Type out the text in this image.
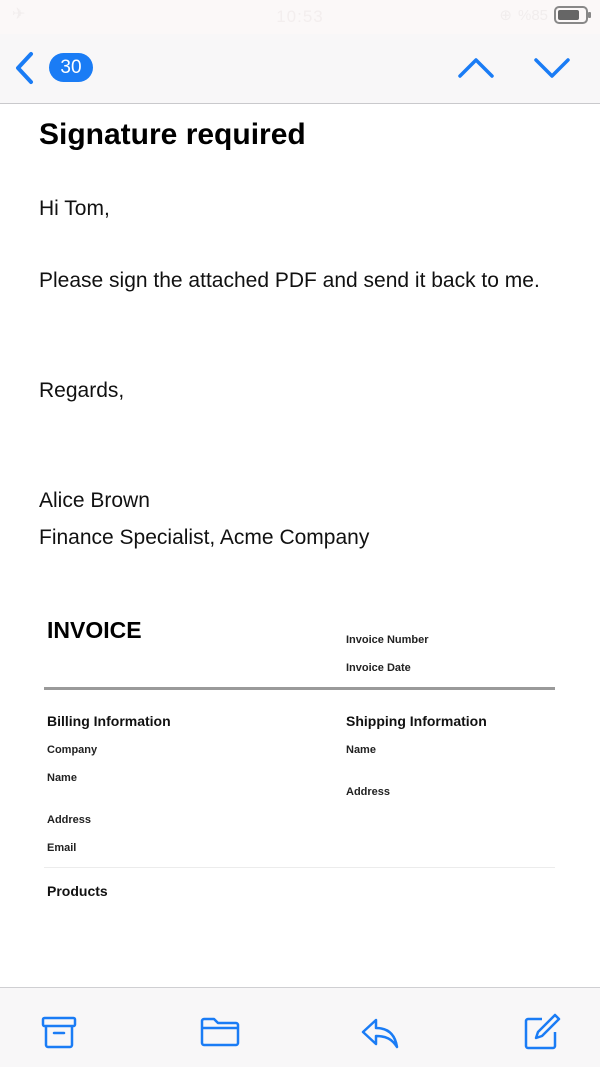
✈	10:53	⊕ %85
30
Signature required
Hi Tom,
Please sign the attached PDF and send it back to me.
Regards,
Alice Brown
Finance Specialist, Acme Company
INVOICE	Invoice Number
Invoice Date
Billing Information
Company
Name
Address
Email
Shipping Information
Name
Address
Products
